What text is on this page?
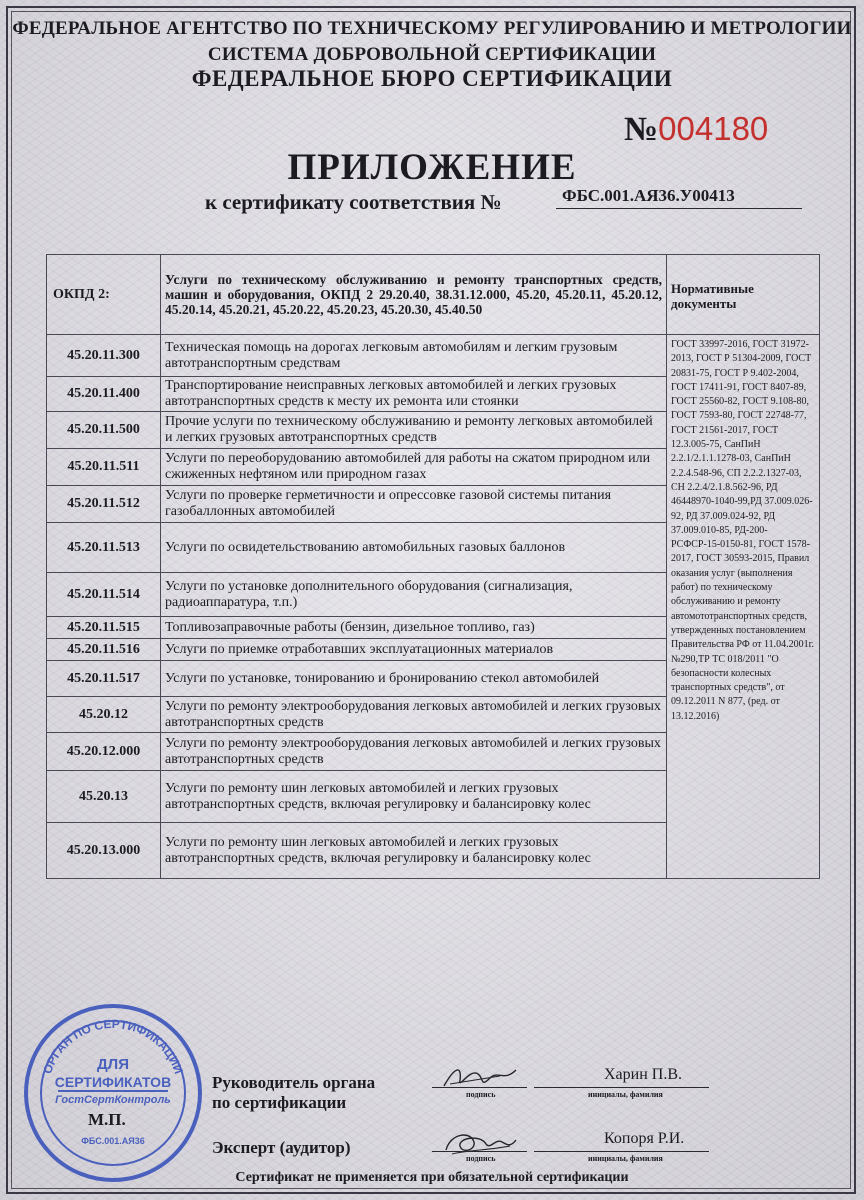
ФЕДЕРАЛЬНОЕ АГЕНТСТВО ПО ТЕХНИЧЕСКОМУ РЕГУЛИРОВАНИЮ И МЕТРОЛОГИИ
СИСТЕМА ДОБРОВОЛЬНОЙ СЕРТИФИКАЦИИ
ФЕДЕРАЛЬНОЕ БЮРО СЕРТИФИКАЦИИ
№004180
ПРИЛОЖЕНИЕ
к сертификату соответствия №	ФБС.001.АЯ36.У00413
ОКПД 2:	Услуги по техническому обслуживанию и ремонту транспортных средств, машин и оборудования, ОКПД 2 29.20.40, 38.31.12.000, 45.20, 45.20.11, 45.20.12, 45.20.14, 45.20.21, 45.20.22, 45.20.23, 45.20.30, 45.40.50	Нормативные документы
45.20.11.300	Техническая помощь на дорогах легковым автомобилям и легким грузовым автотранспортным средствам	ГОСТ 33997-2016, ГОСТ 31972-2013, ГОСТ Р 51304-2009, ГОСТ 20831-75, ГОСТ Р 9.402-2004, ГОСТ 17411-91, ГОСТ 8407-89, ГОСТ 25560-82, ГОСТ 9.108-80, ГОСТ 7593-80, ГОСТ 22748-77, ГОСТ 21561-2017, ГОСТ 12.3.005-75, СанПиН 2.2.1/2.1.1.1278-03, СанПиН 2.2.4.548-96, СП 2.2.2.1327-03, СН 2.2.4/2.1.8.562-96, РД 46448970-1040-99,РД 37.009.026-92, РД 37.009.024-92, РД 37.009.010-85, РД-200-РСФСР-15-0150-81, ГОСТ 1578-2017, ГОСТ 30593-2015, Правил оказания услуг (выполнения работ) по техническому обслуживанию и ремонту автомототранспортных средств, утвержденных постановлением Правительства РФ от 11.04.2001г. №290,ТР ТС 018/2011 "О безопасности колесных транспортных средств", от 09.12.2011 N 877, (ред. от 13.12.2016)
45.20.11.400	Транспортирование неисправных легковых автомобилей и легких грузовых автотранспортных средств к месту их ремонта или стоянки	
45.20.11.500	Прочие услуги по техническому обслуживанию и ремонту легковых автомобилей и легких грузовых автотранспортных средств	
45.20.11.511	Услуги по переоборудованию автомобилей для работы на сжатом природном или сжиженных нефтяном или природном газах	
45.20.11.512	Услуги по проверке герметичности и опрессовке газовой системы питания газобаллонных автомобилей	
45.20.11.513	Услуги по освидетельствованию автомобильных газовых баллонов	
45.20.11.514	Услуги по установке дополнительного оборудования (сигнализация, радиоаппаратура, т.п.)	
45.20.11.515	Топливозаправочные работы (бензин, дизельное топливо, газ)	
45.20.11.516	Услуги по приемке отработавших эксплуатационных материалов	
45.20.11.517	Услуги по установке, тонированию и бронированию стекол автомобилей	
45.20.12	Услуги по ремонту электрооборудования легковых автомобилей и легких грузовых автотранспортных средств	
45.20.12.000	Услуги по ремонту электрооборудования легковых автомобилей и легких грузовых автотранспортных средств	
45.20.13	Услуги по ремонту шин легковых автомобилей и легких грузовых автотранспортных средств, включая регулировку и балансировку колес	
45.20.13.000	Услуги по ремонту шин легковых автомобилей и легких грузовых автотранспортных средств, включая регулировку и балансировку колес	
ОРГАН ПО СЕРТИФИКАЦИИ
ДЛЯ
СЕРТИФИКАТОВ
ГостСертКонтроль
ФБС.001.АЯ36
М.П.
Руководитель органа по сертификации	подпись
Харин П.В.
инициалы, фамилия
Эксперт (аудитор)
подпись
Копоря Р.И.
инициалы, фамилия
Сертификат не применяется при обязательной сертификации
